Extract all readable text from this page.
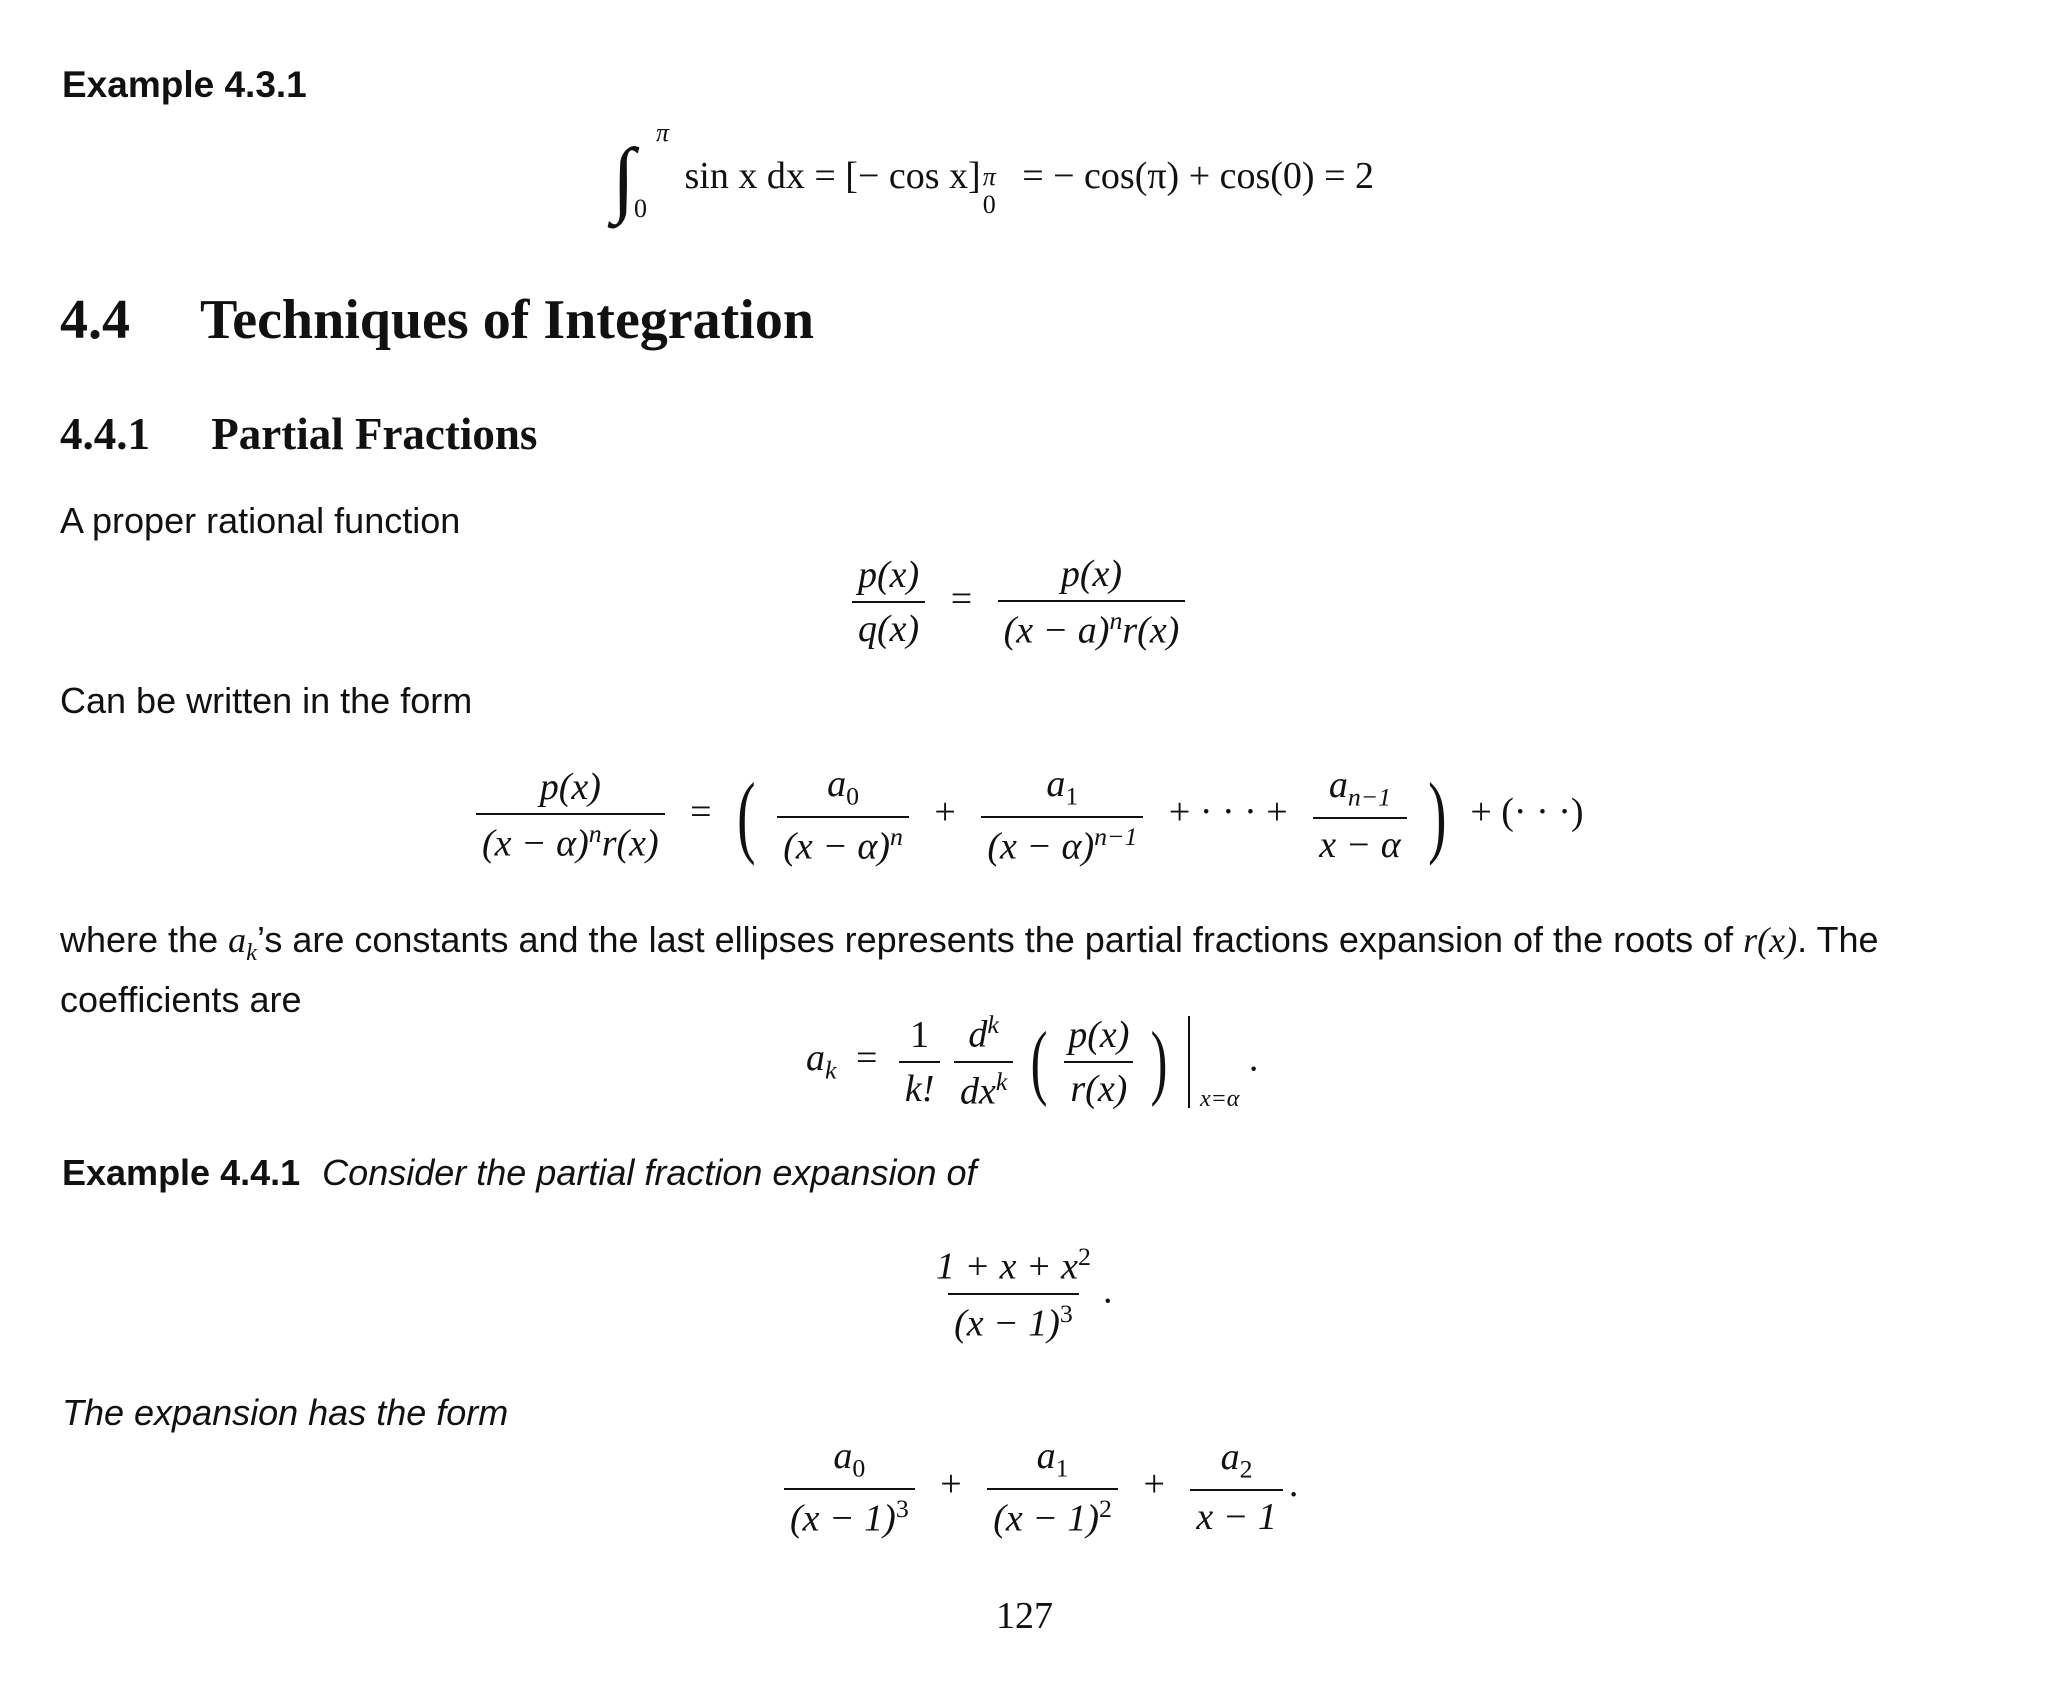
Example 4.3.1
∫ π
0
sin x dx = [− cos x] π
0
= − cos(π) + cos(0) = 2
4.4 Techniques of Integration
4.4.1 Partial Fractions
A proper rational function
$\frac{p(x)}{q(x)} = \frac{p(x)}{(x - a)^nr(x)}$
Can be written in the form
$\frac{p(x)}{(x - \alpha)^nr(x)}$ = ( $\frac{a_0}{(x - \alpha)^n} + \frac{a_1}{(x - \alpha)^{n-1}}$ + · · · + $\frac{a_{n-1}}{x - \alpha}$ ) + (· · ·)
where the $a_k’s$ are constants and the last ellipses represents the partial fractions expansion of the roots of r(x). The
coefficients are
$a_k = \frac{1}{k!}$
$\frac{d^k}{dx^k}$ ( $\frac{p(x)}{r(x)}$ ) $_{x=\alpha}$ .
Example 4.4.1 Consider the partial fraction expansion of
$\frac{1 + x + x^2}{(x - 1)^3}$ .
The expansion has the form
$\frac{a_0}{(x - 1)^3} + \frac{a_1}{(x - 1)^2} + \frac{a_2}{x - 1}$ .
127
